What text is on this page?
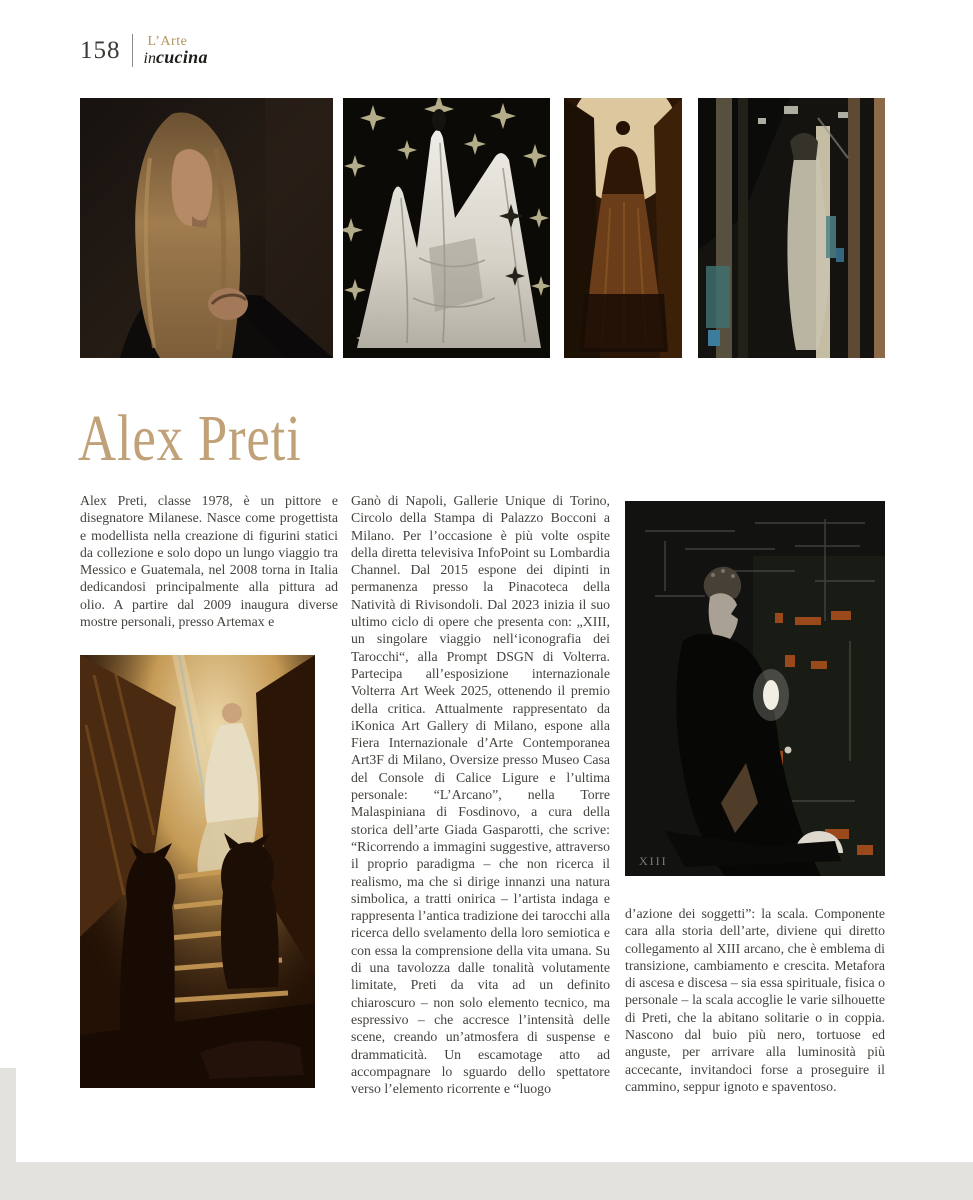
158 L’Arte
incucina
Alex Preti
Alex Preti, classe 1978, è un pittore e disegnatore Milanese. Nasce come progettista e modellista nella creazione di figurini statici da collezione e solo dopo un lungo viaggio tra Messico e Guatemala, nel 2008 torna in Italia dedicandosi principalmente alla pittura ad olio. A partire dal 2009 inaugura diverse mostre personali, presso Artemax e
Ganò di Napoli, Gallerie Unique di Torino, Circolo della Stampa di Palazzo Bocconi a Milano. Per l’occasione è più volte ospite della diretta televisiva InfoPoint su Lombardia Channel. Dal 2015 espone dei dipinti in permanenza presso la Pinacoteca della Natività di Rivisondoli. Dal 2023 inizia il suo ultimo ciclo di opere che presenta con: „XIII, un singolare viaggio nell‘iconografia dei Tarocchi“, alla Prompt DSGN di Volterra. Partecipa all’esposizione internazionale Volterra Art Week 2025, ottenendo il premio della critica. Attualmente rappresentato da iKonica Art Gallery di Milano, espone alla Fiera Internazionale d’Arte Contemporanea Art3F di Milano, Oversize presso Museo Casa del Console di Calice Ligure e l’ultima personale: “L’Arcano”, nella Torre Malaspiniana di Fosdinovo, a cura della storica dell’arte Giada Gasparotti, che scrive: “Ricorrendo a immagini suggestive, attraverso il proprio paradigma – che non ricerca il realismo, ma che si dirige innanzi una natura simbolica, a tratti onirica – l’artista indaga e rappresenta l’antica tradizione dei tarocchi alla ricerca dello svelamento della loro semiotica e con essa la comprensione della vita umana. Su di una tavolozza dalle tonalità volutamente limitate, Preti da vita ad un definito chiaroscuro – non solo elemento tecnico, ma espressivo – che accresce l’intensità delle scene, creando un’atmosfera di suspense e drammaticità. Un escamotage atto ad accompagnare lo sguardo dello spettatore verso l’elemento ricorrente e “luogo
d’azione dei soggetti”: la scala. Componente cara alla storia dell’arte, diviene qui diretto collegamento al XIII arcano, che è emblema di transizione, cambiamento e crescita. Metafora di ascesa e discesa – sia essa spirituale, fisica o personale – la scala accoglie le varie silhouette di Preti, che la abitano solitarie o in coppia. Nascono dal buio più nero, tortuose ed anguste, per arrivare alla luminosità più accecante, invitandoci forse a proseguire il cammino, seppur ignoto e spaventoso.
XIII
